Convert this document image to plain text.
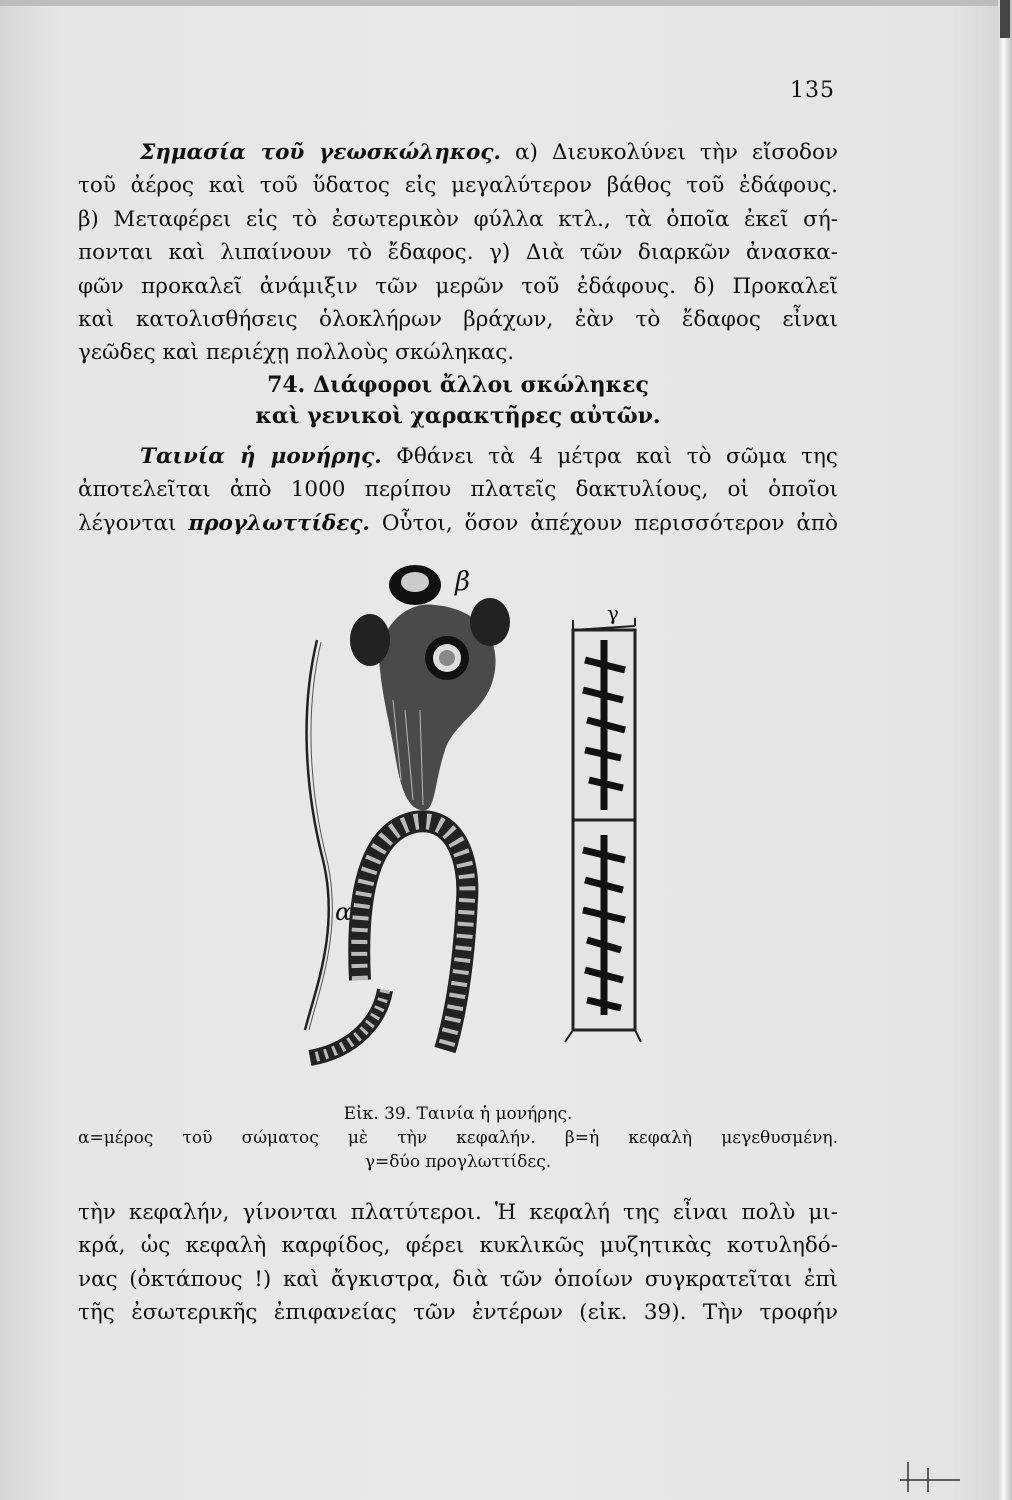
135
Σημασία τοῦ γεωσκώληκος. α) Διευκολύνει τὴν εἴσοδον
τοῦ ἀέρος καὶ τοῦ ὕδατος εἰς μεγαλύτερον βάθος τοῦ ἐδάφους.
β) Μεταφέρει εἰς τὸ ἐσωτερικὸν φύλλα κτλ., τὰ ὁποῖα ἐκεῖ σή-
πονται καὶ λιπαίνουν τὸ ἔδαφος. γ) Διὰ τῶν διαρκῶν ἀνασκα-
φῶν προκαλεῖ ἀνάμιξιν τῶν μερῶν τοῦ ἐδάφους. δ) Προκαλεῖ
καὶ κατολισθήσεις ὁλοκλήρων βράχων, ἐὰν τὸ ἔδαφος εἶναι
γεῶδες καὶ περιέχῃ πολλοὺς σκώληκας.
74. Διάφοροι ἄλλοι σκώληκες
καὶ γενικοὶ χαρακτῆρες αὐτῶν.
Ταινία ἡ μονήρης. Φθάνει τὰ 4 μέτρα καὶ τὸ σῶμα της
ἀποτελεῖται ἀπὸ 1000 περίπου πλατεῖς δακτυλίους, οἱ ὁποῖοι
λέγονται προγλωττίδες. Οὗτοι, ὅσον ἀπέχουν περισσότερον ἀπὸ
β
α
γ
Εἰκ. 39. Ταινία ἡ μονήρης.
α=μέρος τοῦ σώματος μὲ τὴν κεφαλήν. β=ἡ κεφαλὴ μεγεθυσμένη.
γ=δύο προγλωττίδες.
τὴν κεφαλήν, γίνονται πλατύτεροι. Ἡ κεφαλή της εἶναι πολὺ μι-
κρά, ὡς κεφαλὴ καρφίδος, φέρει κυκλικῶς μυζητικὰς κοτυληδό-
νας (ὀκτάπους !) καὶ ἄγκιστρα, διὰ τῶν ὁποίων συγκρατεῖται ἐπὶ
τῆς ἐσωτερικῆς ἐπιφανείας τῶν ἐντέρων (εἰκ. 39). Τὴν τροφήν
